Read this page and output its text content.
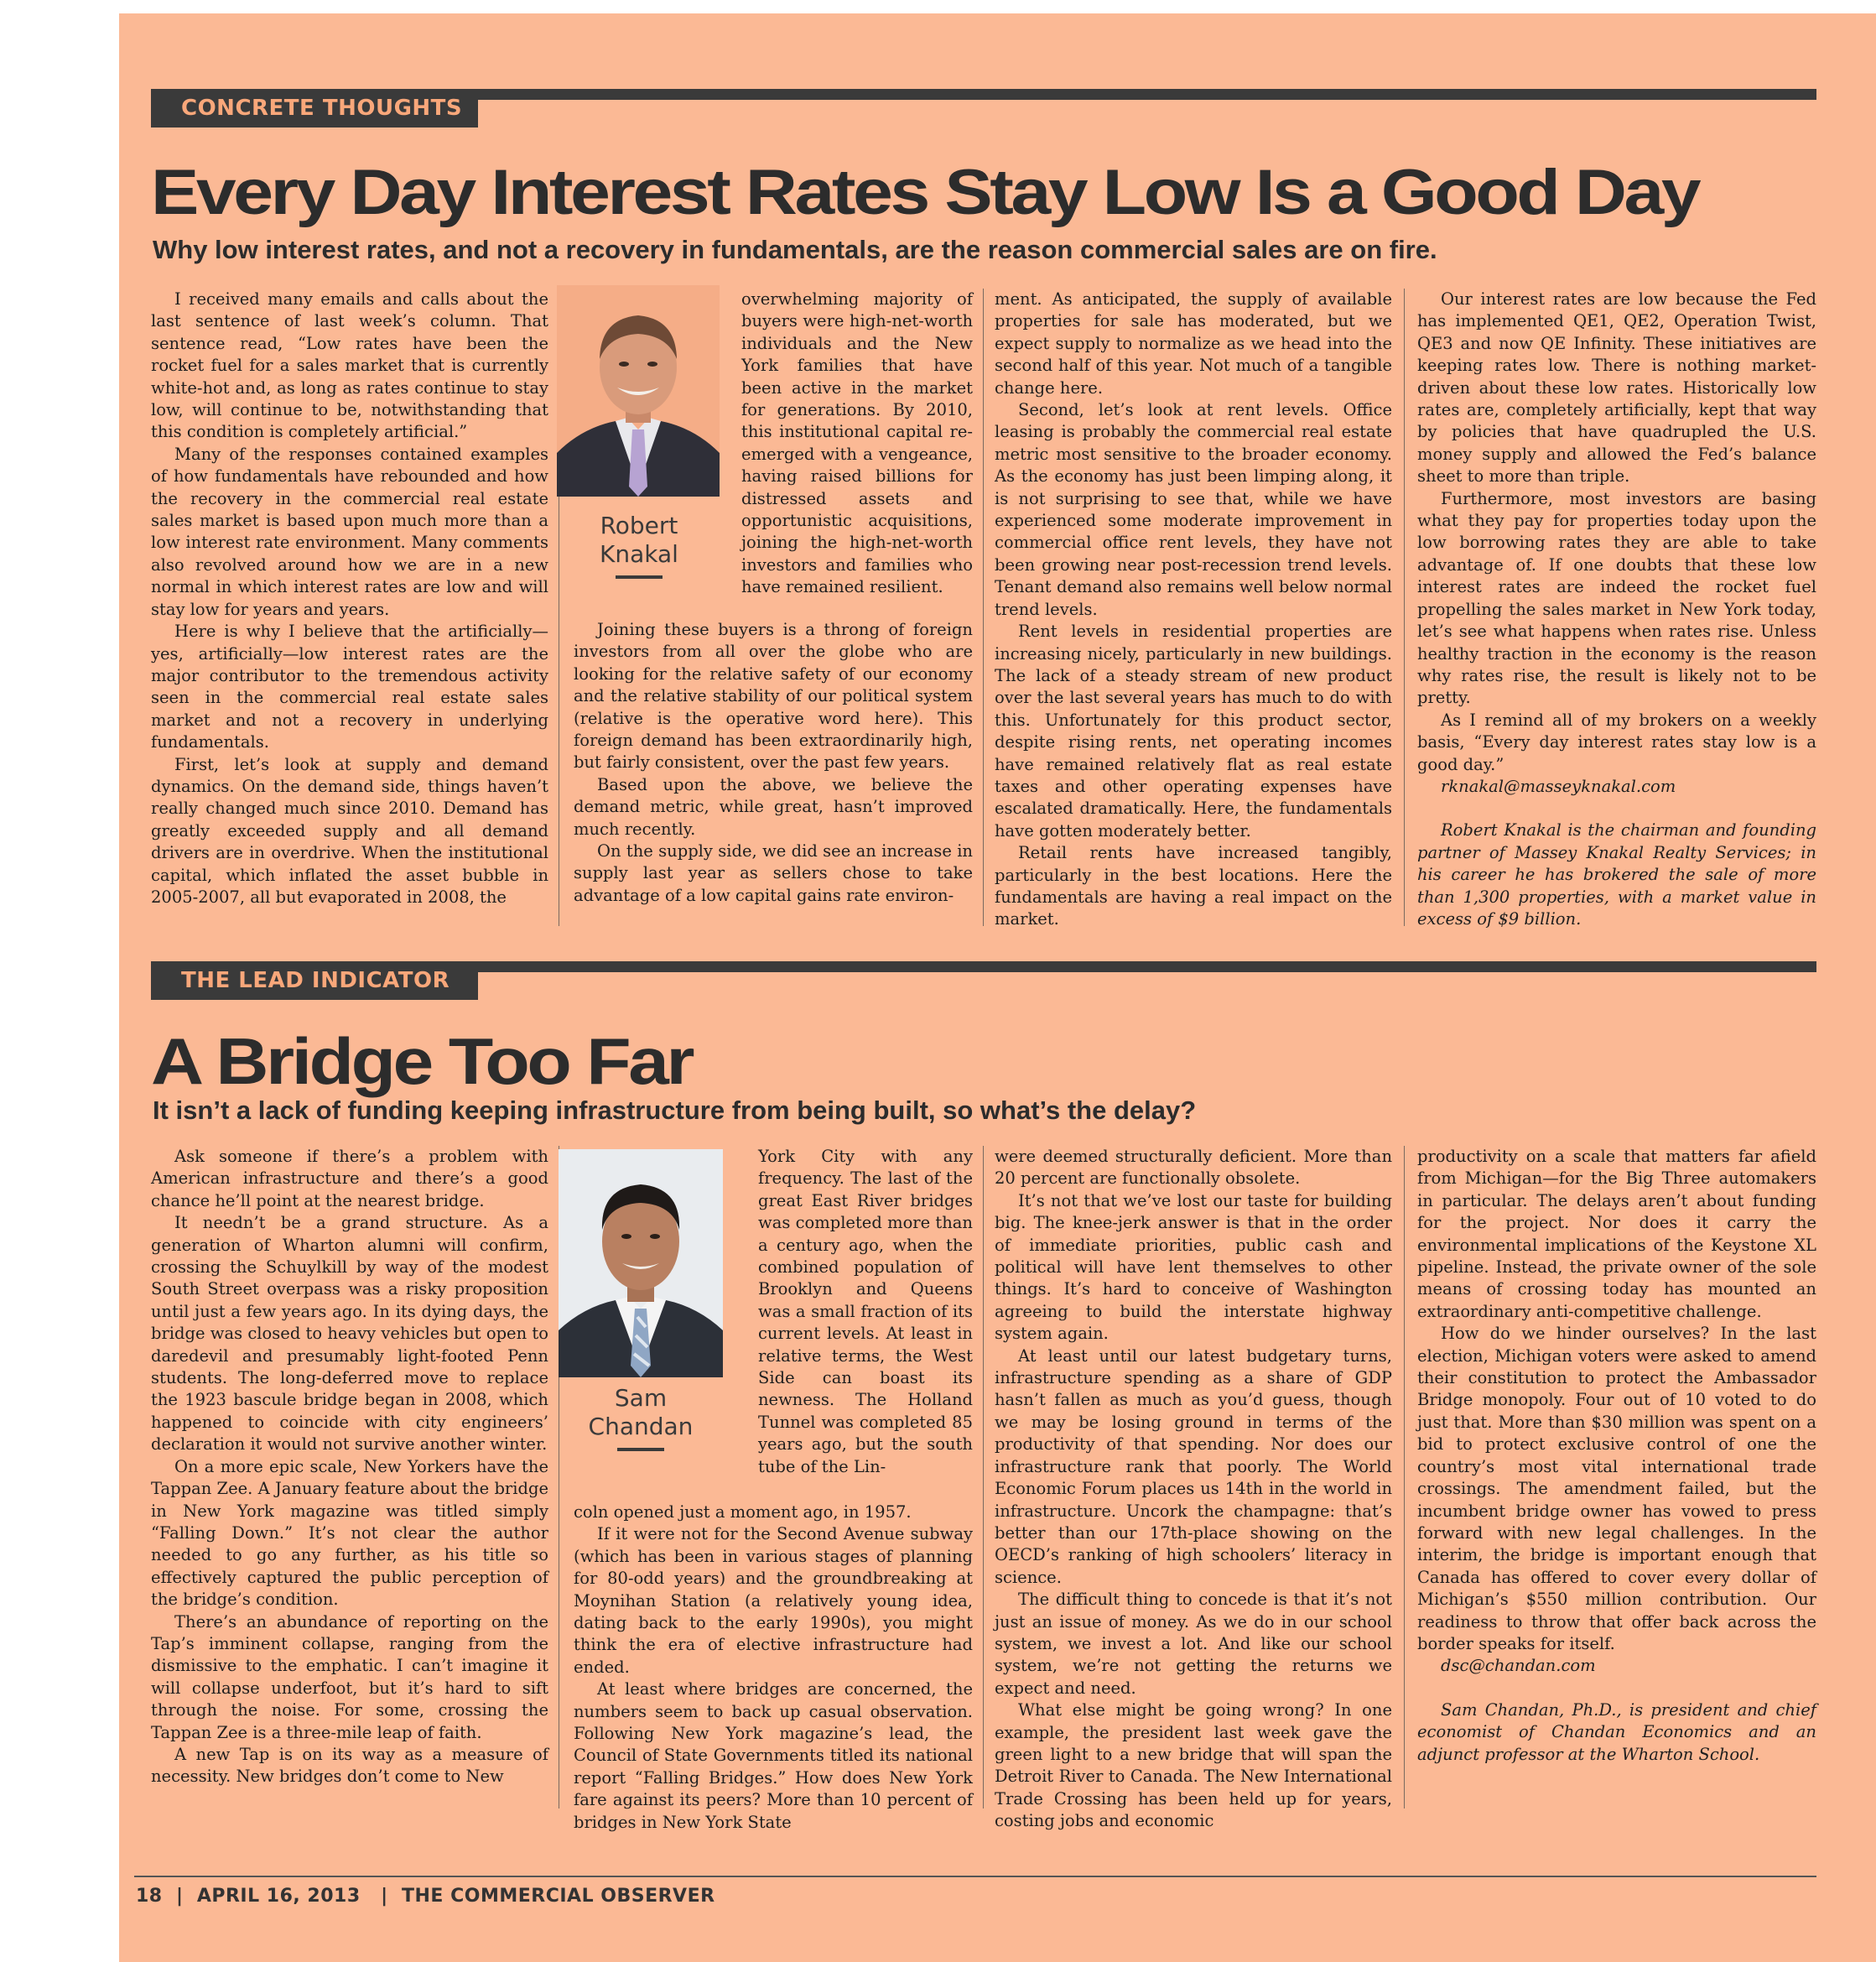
CONCRETE THOUGHTS
Every Day Interest Rates Stay Low Is a Good Day
Why low interest rates, and not a recovery in fundamentals, are the reason commercial sales are on fire.

I received many emails and calls about the last sentence of last week’s column. That sentence read, “Low rates have been the rocket fuel for a sales market that is currently white-hot and, as long as rates continue to stay low, will continue to be, notwithstanding that this condition is completely artificial.”

Many of the responses contained examples of how fundamentals have rebounded and how the recovery in the commercial real estate sales market is based upon much more than a low interest rate environment. Many comments also revolved around how we are in a new normal in which interest rates are low and will stay low for years and years.

Here is why I believe that the artificially—yes, artificially—low interest rates are the major contributor to the tremendous activity seen in the commercial real estate sales market and not a recovery in underlying fundamentals.

First, let’s look at supply and demand dynamics. On the demand side, things haven’t really changed much since 2010. Demand has greatly exceeded supply and all demand drivers are in overdrive. When the institutional capital, which inflated the asset bubble in 2005-2007, all but evaporated in 2008, the

Robert
Knakal

overwhelming majority of buyers were high-net-worth individuals and the New York families that have been active in the market for generations. By 2010, this institutional capital re-emerged with a vengeance, having raised billions for distressed assets and opportunistic acquisitions, joining the high-net-worth investors and families who have remained resilient.

Joining these buyers is a throng of foreign investors from all over the globe who are looking for the relative safety of our economy and the relative stability of our political system (relative is the operative word here). This foreign demand has been extraordinarily high, but fairly consistent, over the past few years.

Based upon the above, we believe the demand metric, while great, hasn’t improved much recently.

On the supply side, we did see an increase in supply last year as sellers chose to take advantage of a low capital gains rate environ-

ment. As anticipated, the supply of available properties for sale has moderated, but we expect supply to normalize as we head into the second half of this year. Not much of a tangible change here.

Second, let’s look at rent levels. Office leasing is probably the commercial real estate metric most sensitive to the broader economy. As the economy has just been limping along, it is not surprising to see that, while we have experienced some moderate improvement in commercial office rent levels, they have not been growing near post-recession trend levels. Tenant demand also remains well below normal trend levels.

Rent levels in residential properties are increasing nicely, particularly in new buildings. The lack of a steady stream of new product over the last several years has much to do with this. Unfortunately for this product sector, despite rising rents, net operating incomes have remained relatively flat as real estate taxes and other operating expenses have escalated dramatically. Here, the fundamentals have gotten moderately better.

Retail rents have increased tangibly, particularly in the best locations. Here the fundamentals are having a real impact on the market.

Our interest rates are low because the Fed has implemented QE1, QE2, Operation Twist, QE3 and now QE Infinity. These initiatives are keeping rates low. There is nothing market-driven about these low rates. Historically low rates are, completely artificially, kept that way by policies that have quadrupled the U.S. money supply and allowed the Fed’s balance sheet to more than triple.

Furthermore, most investors are basing what they pay for properties today upon the low borrowing rates they are able to take advantage of. If one doubts that these low interest rates are indeed the rocket fuel propelling the sales market in New York today, let’s see what happens when rates rise. Unless healthy traction in the economy is the reason why rates rise, the result is likely not to be pretty.

As I remind all of my brokers on a weekly basis, “Every day interest rates stay low is a good day.”

rknakal@masseyknakal.com

Robert Knakal is the chairman and founding partner of Massey Knakal Realty Services; in his career he has brokered the sale of more than 1,300 properties, with a market value in excess of $9 billion.

THE LEAD INDICATOR
A Bridge Too Far
It isn’t a lack of funding keeping infrastructure from being built, so what’s the delay?

Ask someone if there’s a problem with American infrastructure and there’s a good chance he’ll point at the nearest bridge.

It needn’t be a grand structure. As a generation of Wharton alumni will confirm, crossing the Schuylkill by way of the modest South Street overpass was a risky proposition until just a few years ago. In its dying days, the bridge was closed to heavy vehicles but open to daredevil and presumably light-footed Penn students. The long-deferred move to replace the 1923 bascule bridge began in 2008, which happened to coincide with city engineers’ declaration it would not survive another winter.

On a more epic scale, New Yorkers have the Tappan Zee. A January feature about the bridge in New York magazine was titled simply “Falling Down.” It’s not clear the author needed to go any further, as his title so effectively captured the public perception of the bridge’s condition.

There’s an abundance of reporting on the Tap’s imminent collapse, ranging from the dismissive to the emphatic. I can’t imagine it will collapse underfoot, but it’s hard to sift through the noise. For some, crossing the Tappan Zee is a three-mile leap of faith.

A new Tap is on its way as a measure of necessity. New bridges don’t come to New

Sam
Chandan

York City with any frequency. The last of the great East River bridges was completed more than a century ago, when the combined population of Brooklyn and Queens was a small fraction of its current levels. At least in relative terms, the West Side can boast its newness. The Holland Tunnel was completed 85 years ago, but the south tube of the Lin-

coln opened just a moment ago, in 1957.

If it were not for the Second Avenue subway (which has been in various stages of planning for 80-odd years) and the groundbreaking at Moynihan Station (a relatively young idea, dating back to the early 1990s), you might think the era of elective infrastructure had ended.

At least where bridges are concerned, the numbers seem to back up casual observation. Following New York magazine’s lead, the Council of State Governments titled its national report “Falling Bridges.” How does New York fare against its peers? More than 10 percent of bridges in New York State

were deemed structurally deficient. More than 20 percent are functionally obsolete.

It’s not that we’ve lost our taste for building big. The knee-jerk answer is that in the order of immediate priorities, public cash and political will have lent themselves to other things. It’s hard to conceive of Washington agreeing to build the interstate highway system again.

At least until our latest budgetary turns, infrastructure spending as a share of GDP hasn’t fallen as much as you’d guess, though we may be losing ground in terms of the productivity of that spending. Nor does our infrastructure rank that poorly. The World Economic Forum places us 14th in the world in infrastructure. Uncork the champagne: that’s better than our 17th-place showing on the OECD’s ranking of high schoolers’ literacy in science.

The difficult thing to concede is that it’s not just an issue of money. As we do in our school system, we invest a lot. And like our school system, we’re not getting the returns we expect and need.

What else might be going wrong? In one example, the president last week gave the green light to a new bridge that will span the Detroit River to Canada. The New International Trade Crossing has been held up for years, costing jobs and economic

productivity on a scale that matters far afield from Michigan—for the Big Three automakers in particular. The delays aren’t about funding for the project. Nor does it carry the environmental implications of the Keystone XL pipeline. Instead, the private owner of the sole means of crossing today has mounted an extraordinary anti-competitive challenge.

How do we hinder ourselves? In the last election, Michigan voters were asked to amend their constitution to protect the Ambassador Bridge monopoly. Four out of 10 voted to do just that. More than $30 million was spent on a bid to protect exclusive control of one the country’s most vital international trade crossings. The amendment failed, but the incumbent bridge owner has vowed to press forward with new legal challenges. In the interim, the bridge is important enough that Canada has offered to cover every dollar of Michigan’s $550 million contribution. Our readiness to throw that offer back across the border speaks for itself.

dsc@chandan.com

Sam Chandan, Ph.D., is president and chief economist of Chandan Economics and an adjunct professor at the Wharton School.

18 | APRIL 16, 2013 | THE COMMERCIAL OBSERVER
